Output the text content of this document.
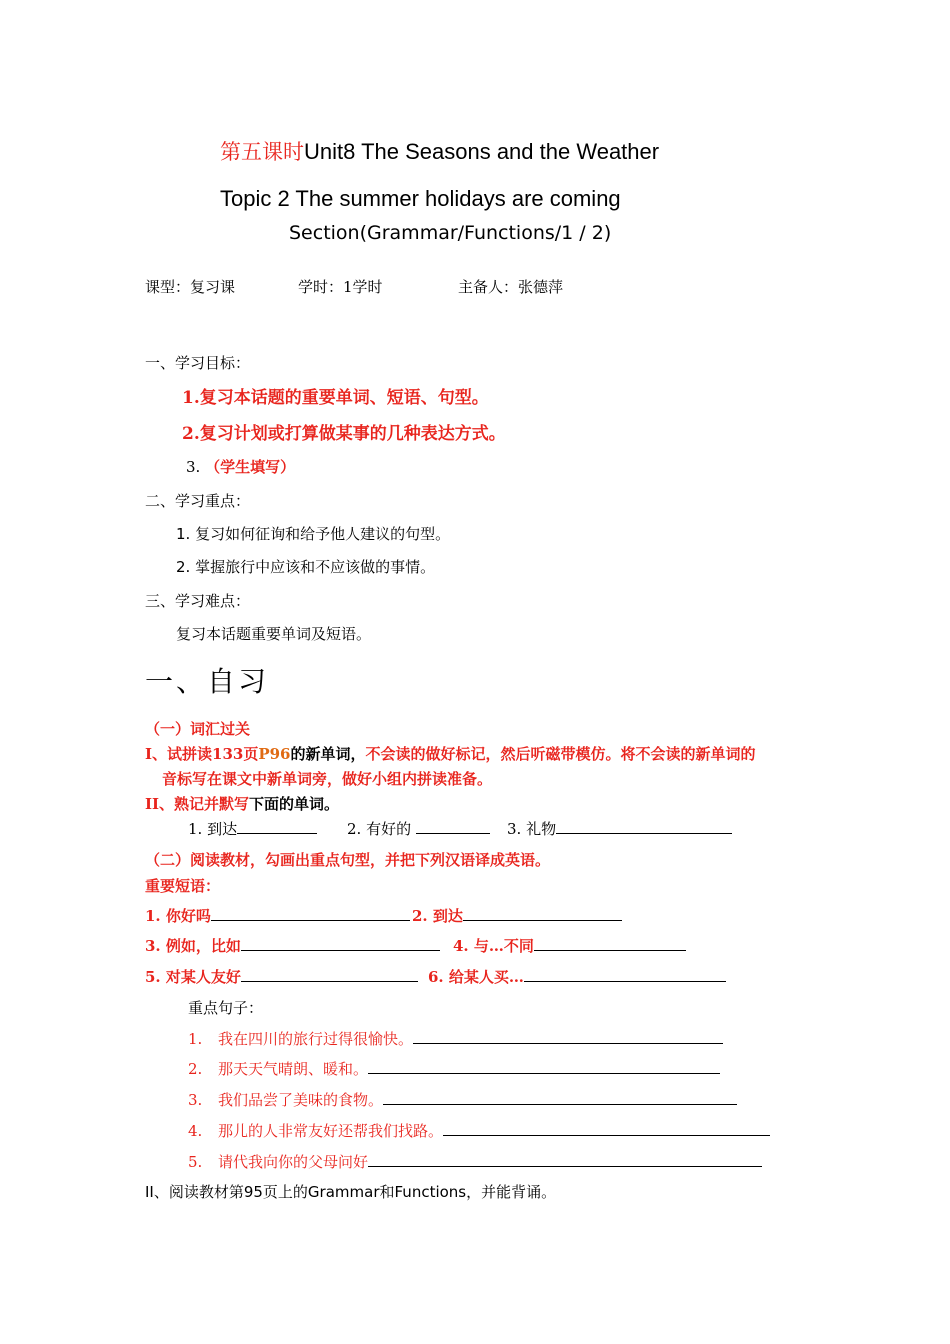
第五课时Unit8 The Seasons and the Weather
Topic 2 The summer holidays are coming
Section(Grammar/Functions/1 / 2)
课型：复习课	学时：1学时	主备人：张德萍
一、学习目标：
1.复习本话题的重要单词、短语、句型。
2.复习计划或打算做某事的几种表达方式。
3. （学生填写）
二、学习重点：
1. 复习如何征询和给予他人建议的句型。
2. 掌握旅行中应该和不应该做的事情。
三、学习难点：
复习本话题重要单词及短语。
一、自习
（一）词汇过关
I、试拼读133页P96的新单词，不会读的做好标记，然后听磁带模仿。将不会读的新单词的
音标写在课文中新单词旁，做好小组内拼读准备。
II、熟记并默写下面的单词。
1. 到达	2. 有好的	3. 礼物
（二）阅读教材，勾画出重点句型，并把下列汉语译成英语。
重要短语：
1. 你好吗	2. 到达
3. 例如，比如	4. 与…不同
5. 对某人友好	6. 给某人买…
重点句子：
1. 我在四川的旅行过得很愉快。
2. 那天天气晴朗、暖和。
3. 我们品尝了美味的食物。
4. 那儿的人非常友好还帮我们找路。
5. 请代我向你的父母问好
II、阅读教材第95页上的Grammar和Functions，并能背诵。
